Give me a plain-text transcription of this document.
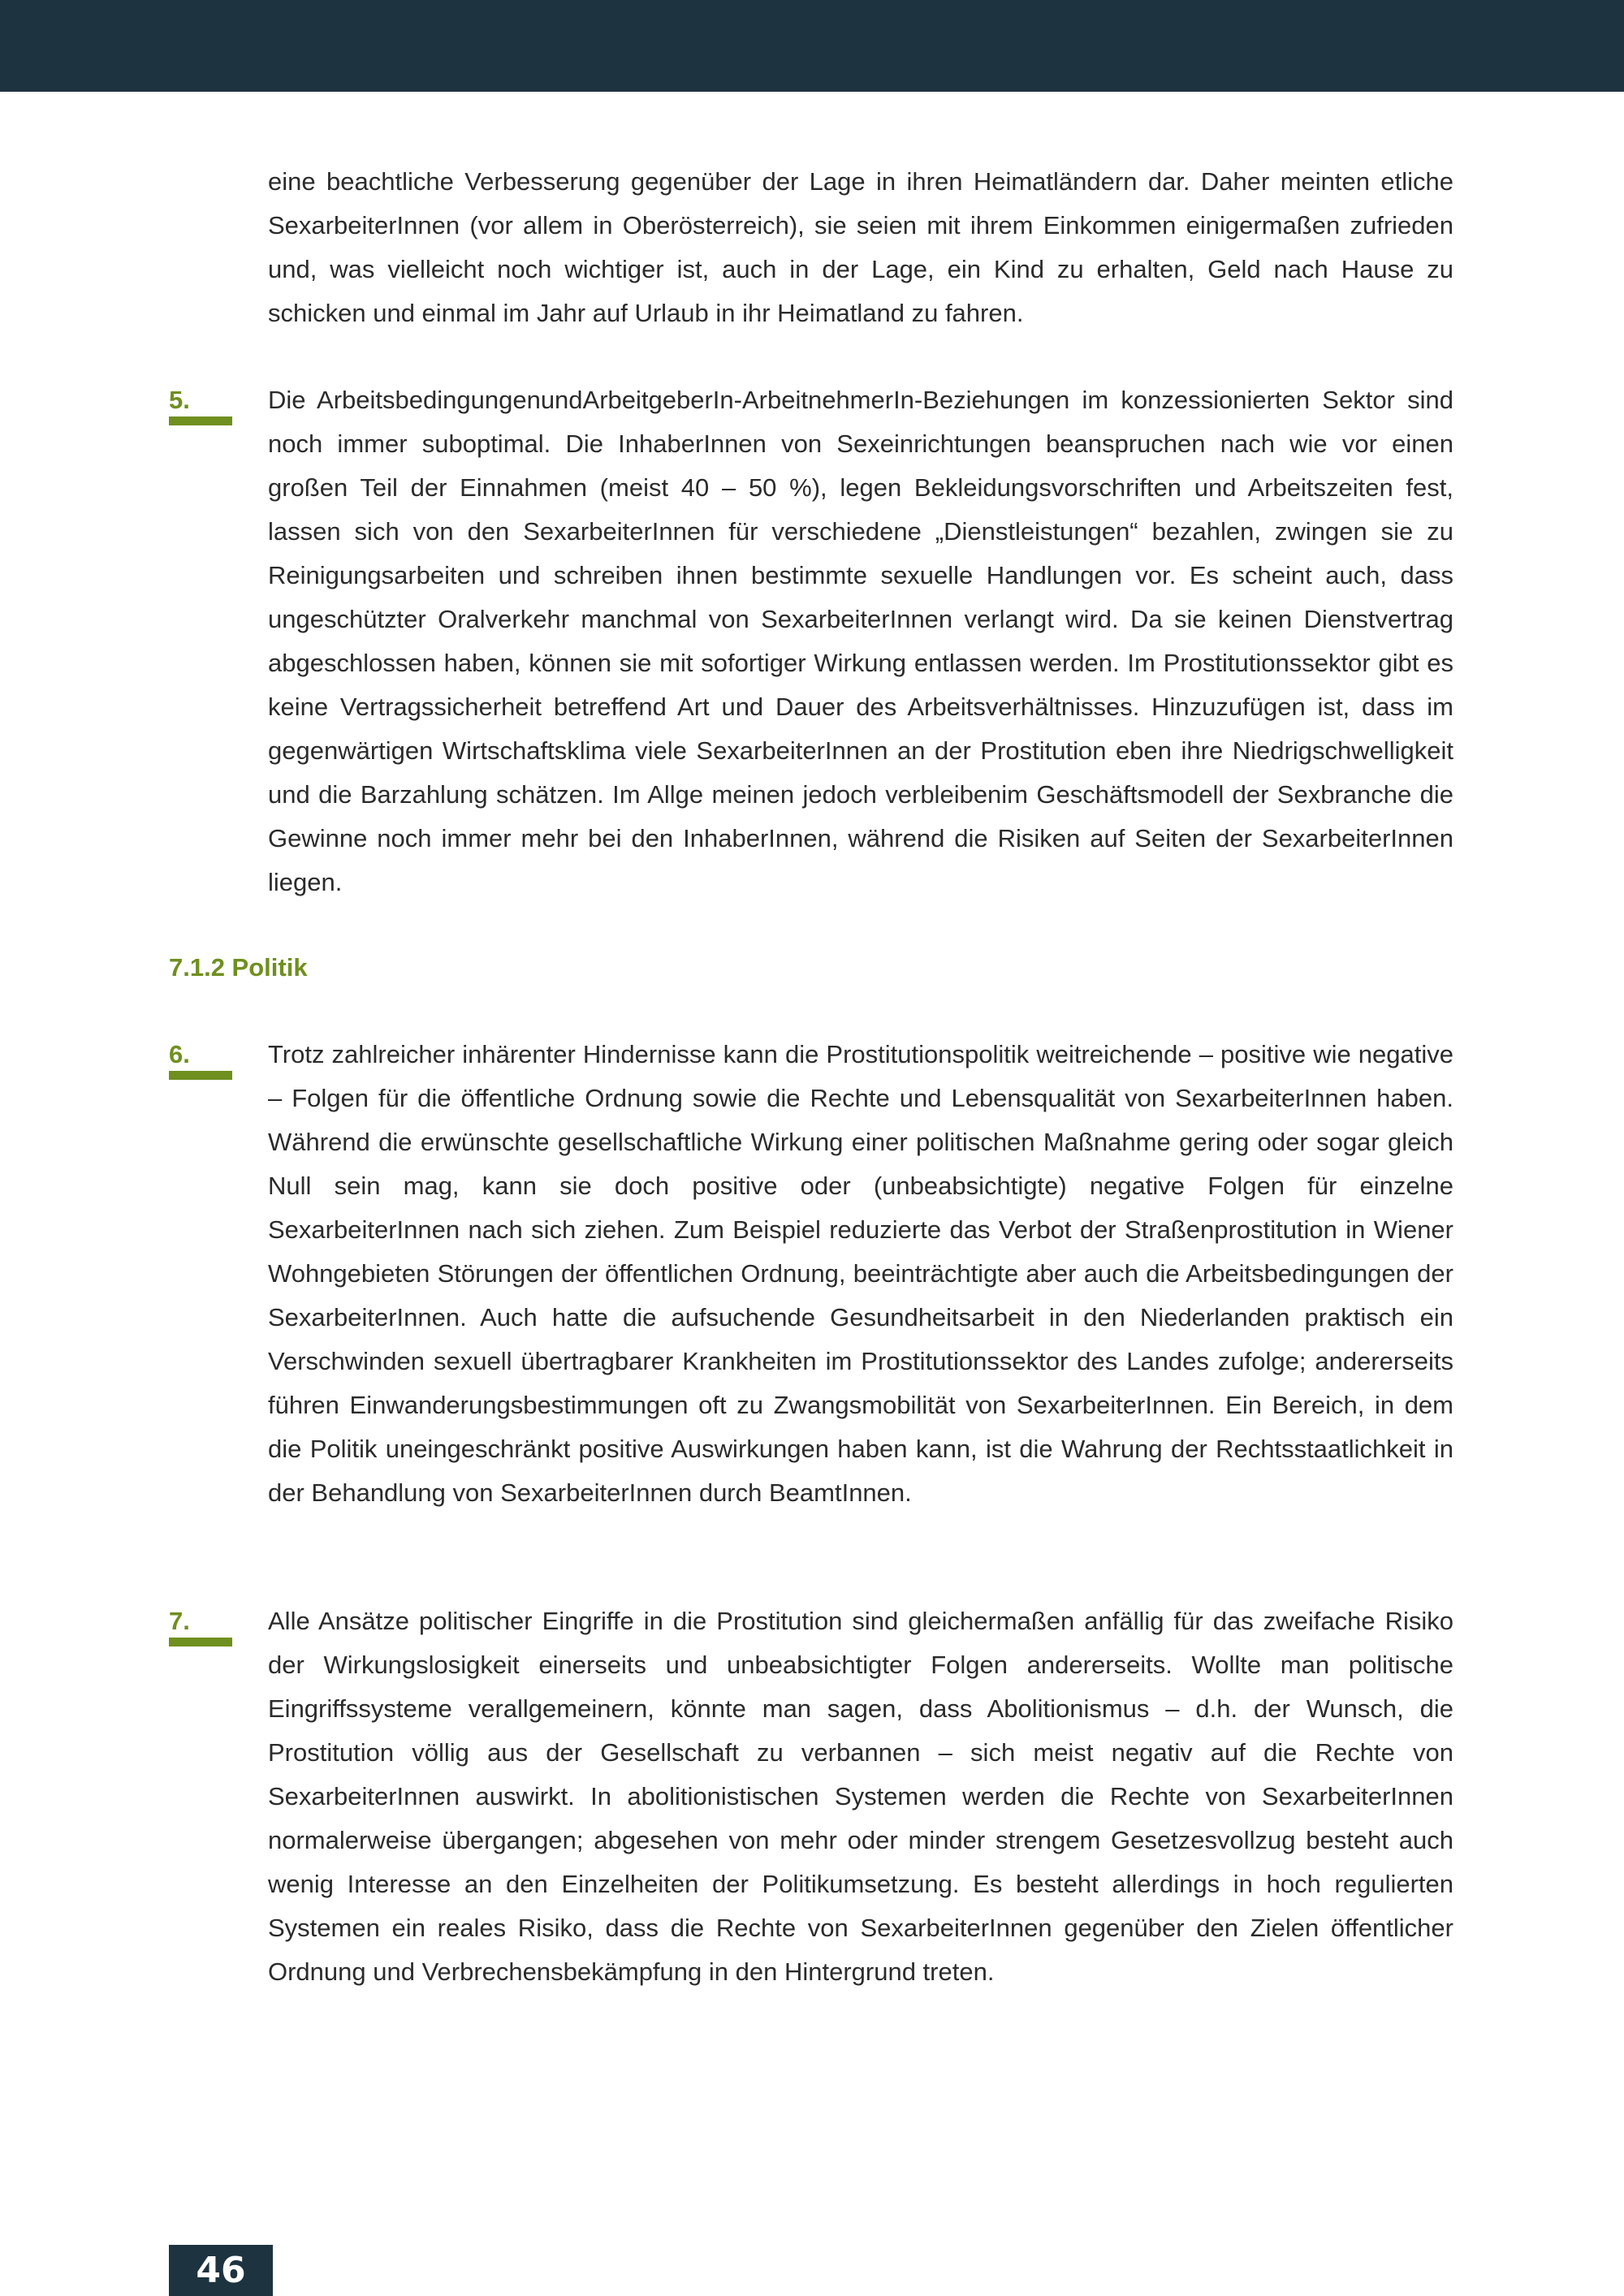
eine beachtliche Verbesserung gegenüber der Lage in ihren Heimatländern dar. Daher meinten etliche SexarbeiterInnen (vor allem in Oberösterreich), sie seien mit ihrem Einkommen einigermaßen zufrieden und, was vielleicht noch wichtiger ist, auch in der Lage, ein Kind zu erhalten, Geld nach Hause zu schicken und einmal im Jahr auf Urlaub in ihr Heimatland zu fahren.

5.	Die ArbeitsbedingungenundArbeitgeberIn-ArbeitnehmerIn-Beziehungen im konzessionierten Sektor sind noch immer suboptimal. Die InhaberInnen von Sexeinrichtungen beanspruchen nach wie vor einen großen Teil der Einnahmen (meist 40 – 50 %), legen Bekleidungsvorschriften und Arbeitszeiten fest, lassen sich von den SexarbeiterInnen für verschiedene „Dienstleistungen“ bezahlen, zwingen sie zu Reinigungsarbeiten und schreiben ihnen bestimmte sexuelle Handlungen vor. Es scheint auch, dass ungeschützter Oralverkehr manchmal von SexarbeiterInnen verlangt wird. Da sie keinen Dienstvertrag abgeschlossen haben, können sie mit sofortiger Wirkung entlassen werden. Im Prostitutionssektor gibt es keine Vertragssicherheit betreffend Art und Dauer des Arbeitsverhältnisses. Hinzuzufügen ist, dass im gegenwärtigen Wirtschaftsklima viele SexarbeiterInnen an der Prostitution eben ihre Niedrigschwelligkeit und die Barzahlung schätzen. Im Allge meinen jedoch verbleibenim Geschäftsmodell der Sexbranche die Gewinne noch immer mehr bei den InhaberInnen, während die Risiken auf Seiten der SexarbeiterInnen liegen.

7.1.2 Politik
6.	Trotz zahlreicher inhärenter Hindernisse kann die Prostitutionspolitik weitreichende – positive wie negative – Folgen für die öffentliche Ordnung sowie die Rechte und Lebensqualität von SexarbeiterInnen haben. Während die erwünschte gesellschaftliche Wirkung einer politischen Maßnahme gering oder sogar gleich Null sein mag, kann sie doch positive oder (unbeabsichtigte) negative Folgen für einzelne SexarbeiterInnen nach sich ziehen. Zum Beispiel reduzierte das Verbot der Straßenprostitution in Wiener Wohngebieten Störungen der öffentlichen Ordnung, beeinträchtigte aber auch die Arbeitsbedingungen der SexarbeiterInnen. Auch hatte die aufsuchende Gesundheitsarbeit in den Niederlanden praktisch ein Verschwinden sexuell übertragbarer Krankheiten im Prostitutionssektor des Landes zufolge; andererseits führen Einwanderungsbestimmungen oft zu Zwangsmobilität von SexarbeiterInnen. Ein Bereich, in dem die Politik uneingeschränkt positive Auswirkungen haben kann, ist die Wahrung der Rechtsstaatlichkeit in der Behandlung von SexarbeiterInnen durch BeamtInnen.

7.	Alle Ansätze politischer Eingriffe in die Prostitution sind gleichermaßen anfällig für das zweifache Risiko der Wirkungslosigkeit einerseits und unbeabsichtigter Folgen andererseits. Wollte man politische Eingriffssysteme verallgemeinern, könnte man sagen, dass Abolitionismus – d.h. der Wunsch, die Prostitution völlig aus der Gesellschaft zu verbannen – sich meist negativ auf die Rechte von SexarbeiterInnen auswirkt. In abolitionistischen Systemen werden die Rechte von SexarbeiterInnen normalerweise übergangen; abgesehen von mehr oder minder strengem Gesetzesvollzug besteht auch wenig Interesse an den Einzelheiten der Politikumsetzung. Es besteht allerdings in hoch regulierten Systemen ein reales Risiko, dass die Rechte von SexarbeiterInnen gegenüber den Zielen öffentlicher Ordnung und Verbrechensbekämpfung in den Hintergrund treten.

46
